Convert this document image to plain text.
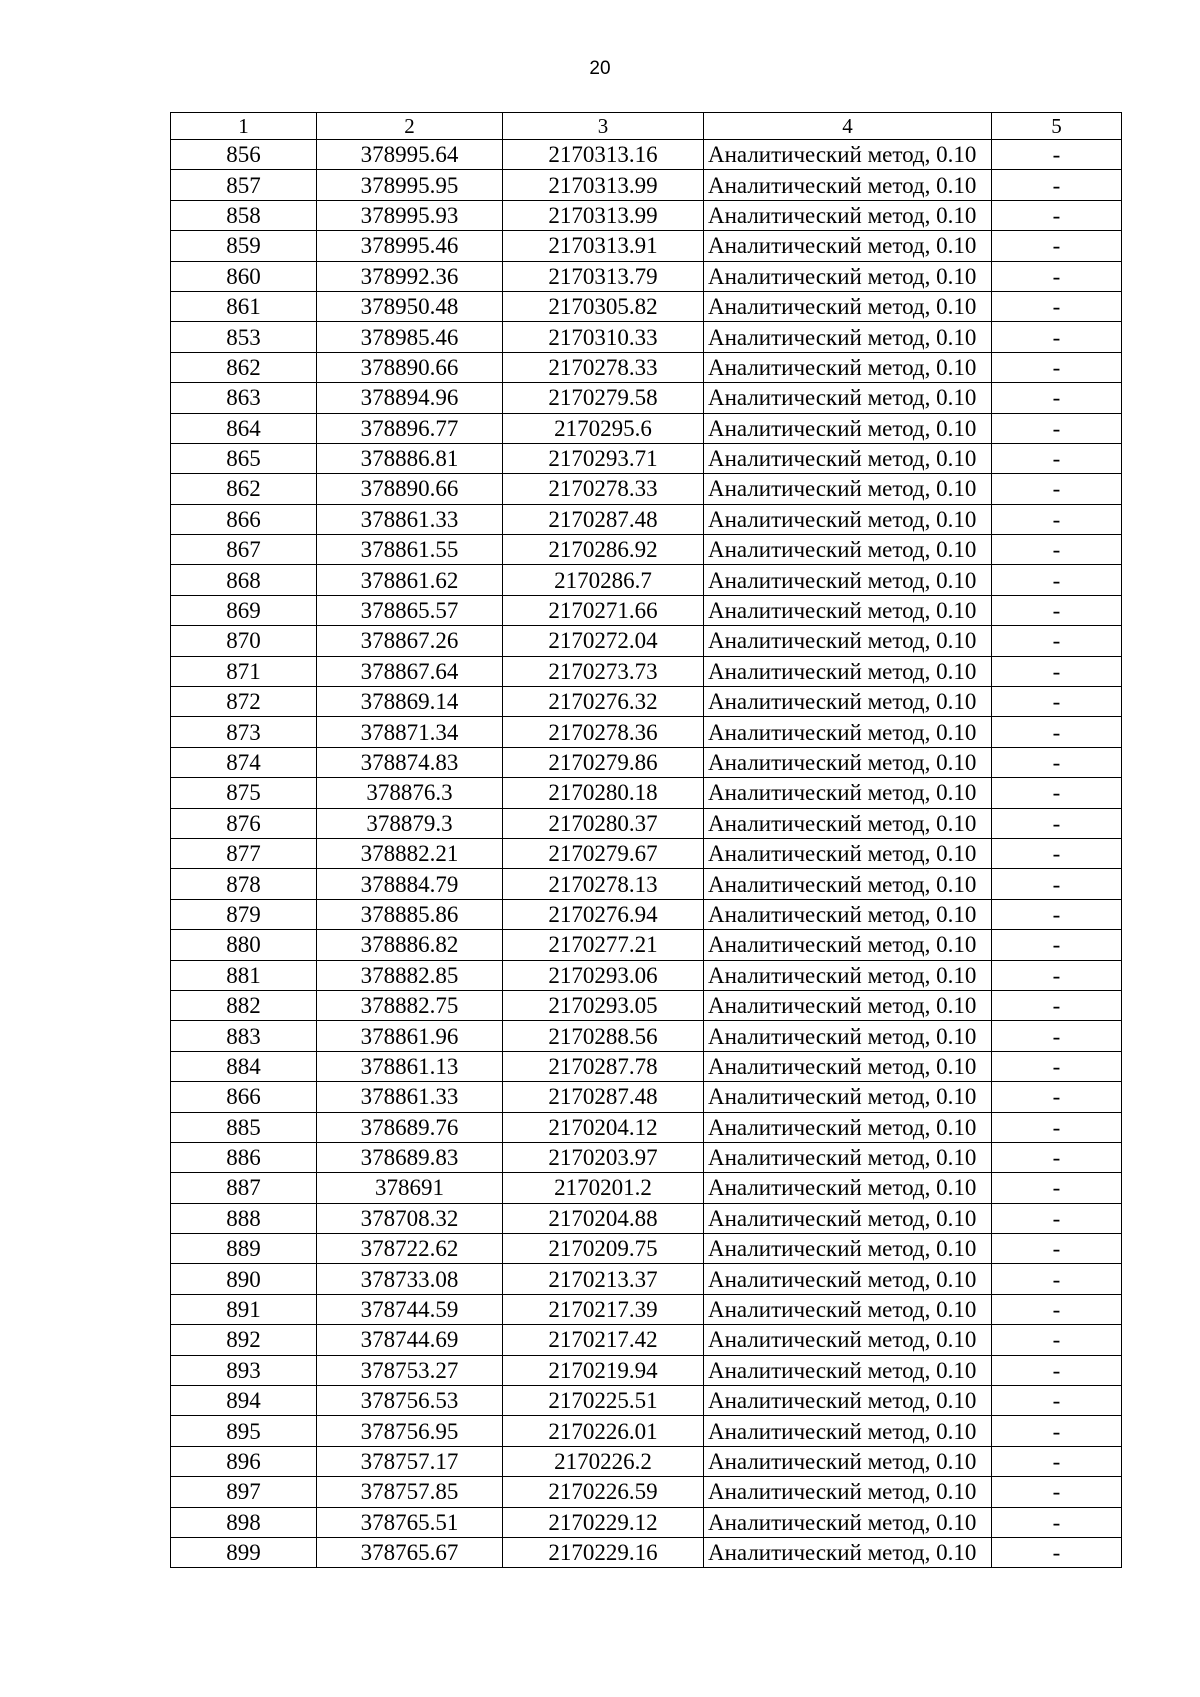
20
1	2	3	4	5
856	378995.64	2170313.16	Аналитический метод, 0.10	-
857	378995.95	2170313.99	Аналитический метод, 0.10	-
858	378995.93	2170313.99	Аналитический метод, 0.10	-
859	378995.46	2170313.91	Аналитический метод, 0.10	-
860	378992.36	2170313.79	Аналитический метод, 0.10	-
861	378950.48	2170305.82	Аналитический метод, 0.10	-
853	378985.46	2170310.33	Аналитический метод, 0.10	-
862	378890.66	2170278.33	Аналитический метод, 0.10	-
863	378894.96	2170279.58	Аналитический метод, 0.10	-
864	378896.77	2170295.6	Аналитический метод, 0.10	-
865	378886.81	2170293.71	Аналитический метод, 0.10	-
862	378890.66	2170278.33	Аналитический метод, 0.10	-
866	378861.33	2170287.48	Аналитический метод, 0.10	-
867	378861.55	2170286.92	Аналитический метод, 0.10	-
868	378861.62	2170286.7	Аналитический метод, 0.10	-
869	378865.57	2170271.66	Аналитический метод, 0.10	-
870	378867.26	2170272.04	Аналитический метод, 0.10	-
871	378867.64	2170273.73	Аналитический метод, 0.10	-
872	378869.14	2170276.32	Аналитический метод, 0.10	-
873	378871.34	2170278.36	Аналитический метод, 0.10	-
874	378874.83	2170279.86	Аналитический метод, 0.10	-
875	378876.3	2170280.18	Аналитический метод, 0.10	-
876	378879.3	2170280.37	Аналитический метод, 0.10	-
877	378882.21	2170279.67	Аналитический метод, 0.10	-
878	378884.79	2170278.13	Аналитический метод, 0.10	-
879	378885.86	2170276.94	Аналитический метод, 0.10	-
880	378886.82	2170277.21	Аналитический метод, 0.10	-
881	378882.85	2170293.06	Аналитический метод, 0.10	-
882	378882.75	2170293.05	Аналитический метод, 0.10	-
883	378861.96	2170288.56	Аналитический метод, 0.10	-
884	378861.13	2170287.78	Аналитический метод, 0.10	-
866	378861.33	2170287.48	Аналитический метод, 0.10	-
885	378689.76	2170204.12	Аналитический метод, 0.10	-
886	378689.83	2170203.97	Аналитический метод, 0.10	-
887	378691	2170201.2	Аналитический метод, 0.10	-
888	378708.32	2170204.88	Аналитический метод, 0.10	-
889	378722.62	2170209.75	Аналитический метод, 0.10	-
890	378733.08	2170213.37	Аналитический метод, 0.10	-
891	378744.59	2170217.39	Аналитический метод, 0.10	-
892	378744.69	2170217.42	Аналитический метод, 0.10	-
893	378753.27	2170219.94	Аналитический метод, 0.10	-
894	378756.53	2170225.51	Аналитический метод, 0.10	-
895	378756.95	2170226.01	Аналитический метод, 0.10	-
896	378757.17	2170226.2	Аналитический метод, 0.10	-
897	378757.85	2170226.59	Аналитический метод, 0.10	-
898	378765.51	2170229.12	Аналитический метод, 0.10	-
899	378765.67	2170229.16	Аналитический метод, 0.10	-
